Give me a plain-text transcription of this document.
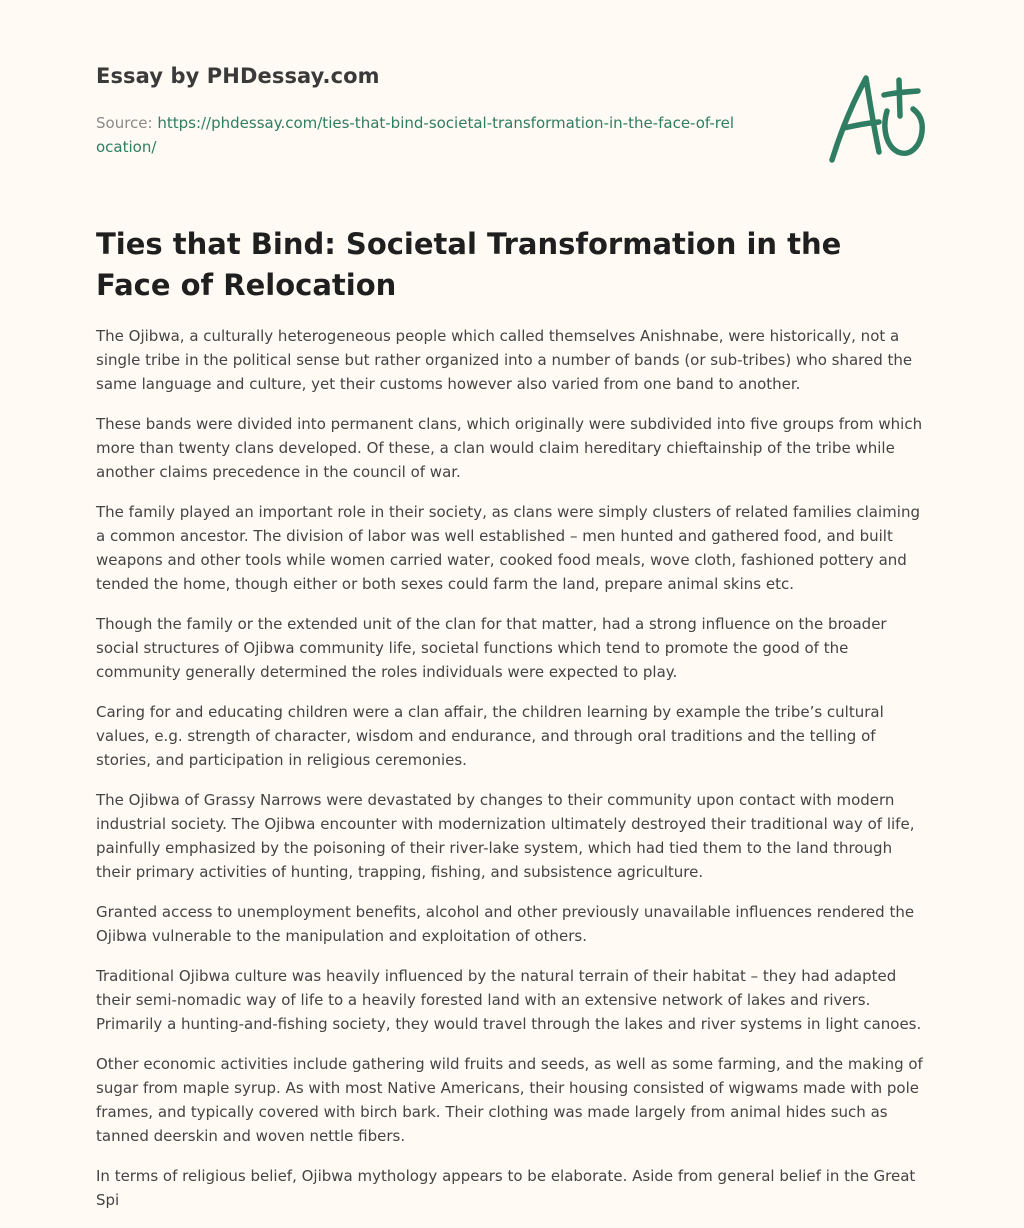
Essay by PHDessay.com
Source: https://phdessay.com/ties-that-bind-societal-transformation-in-the-face-of-relocation/
Ties that Bind: Societal Transformation in the Face of Relocation

The Ojibwa, a culturally heterogeneous people which called themselves Anishnabe, were historically, not a single tribe in the political sense but rather organized into a number of bands (or sub-tribes) who shared the same language and culture, yet their customs however also varied from one band to another.

These bands were divided into permanent clans, which originally were subdivided into five groups from which more than twenty clans developed. Of these, a clan would claim hereditary chieftainship of the tribe while another claims precedence in the council of war.

The family played an important role in their society, as clans were simply clusters of related families claiming a common ancestor. The division of labor was well established – men hunted and gathered food, and built weapons and other tools while women carried water, cooked food meals, wove cloth, fashioned pottery and tended the home, though either or both sexes could farm the land, prepare animal skins etc.

Though the family or the extended unit of the clan for that matter, had a strong influence on the broader social structures of Ojibwa community life, societal functions which tend to promote the good of the community generally determined the roles individuals were expected to play.

Caring for and educating children were a clan affair, the children learning by example the tribe’s cultural values, e.g. strength of character, wisdom and endurance, and through oral traditions and the telling of stories, and participation in religious ceremonies.

The Ojibwa of Grassy Narrows were devastated by changes to their community upon contact with modern industrial society. The Ojibwa encounter with modernization ultimately destroyed their traditional way of life, painfully emphasized by the poisoning of their river-lake system, which had tied them to the land through their primary activities of hunting, trapping, fishing, and subsistence agriculture.

Granted access to unemployment benefits, alcohol and other previously unavailable influences rendered the Ojibwa vulnerable to the manipulation and exploitation of others.

Traditional Ojibwa culture was heavily influenced by the natural terrain of their habitat – they had adapted their semi-nomadic way of life to a heavily forested land with an extensive network of lakes and rivers. Primarily a hunting-and-fishing society, they would travel through the lakes and river systems in light canoes.

Other economic activities include gathering wild fruits and seeds, as well as some farming, and the making of sugar from maple syrup. As with most Native Americans, their housing consisted of wigwams made with pole frames, and typically covered with birch bark. Their clothing was made largely from animal hides such as tanned deerskin and woven nettle fibers.

In terms of religious belief, Ojibwa mythology appears to be elaborate. Aside from general belief in the Great Spi
